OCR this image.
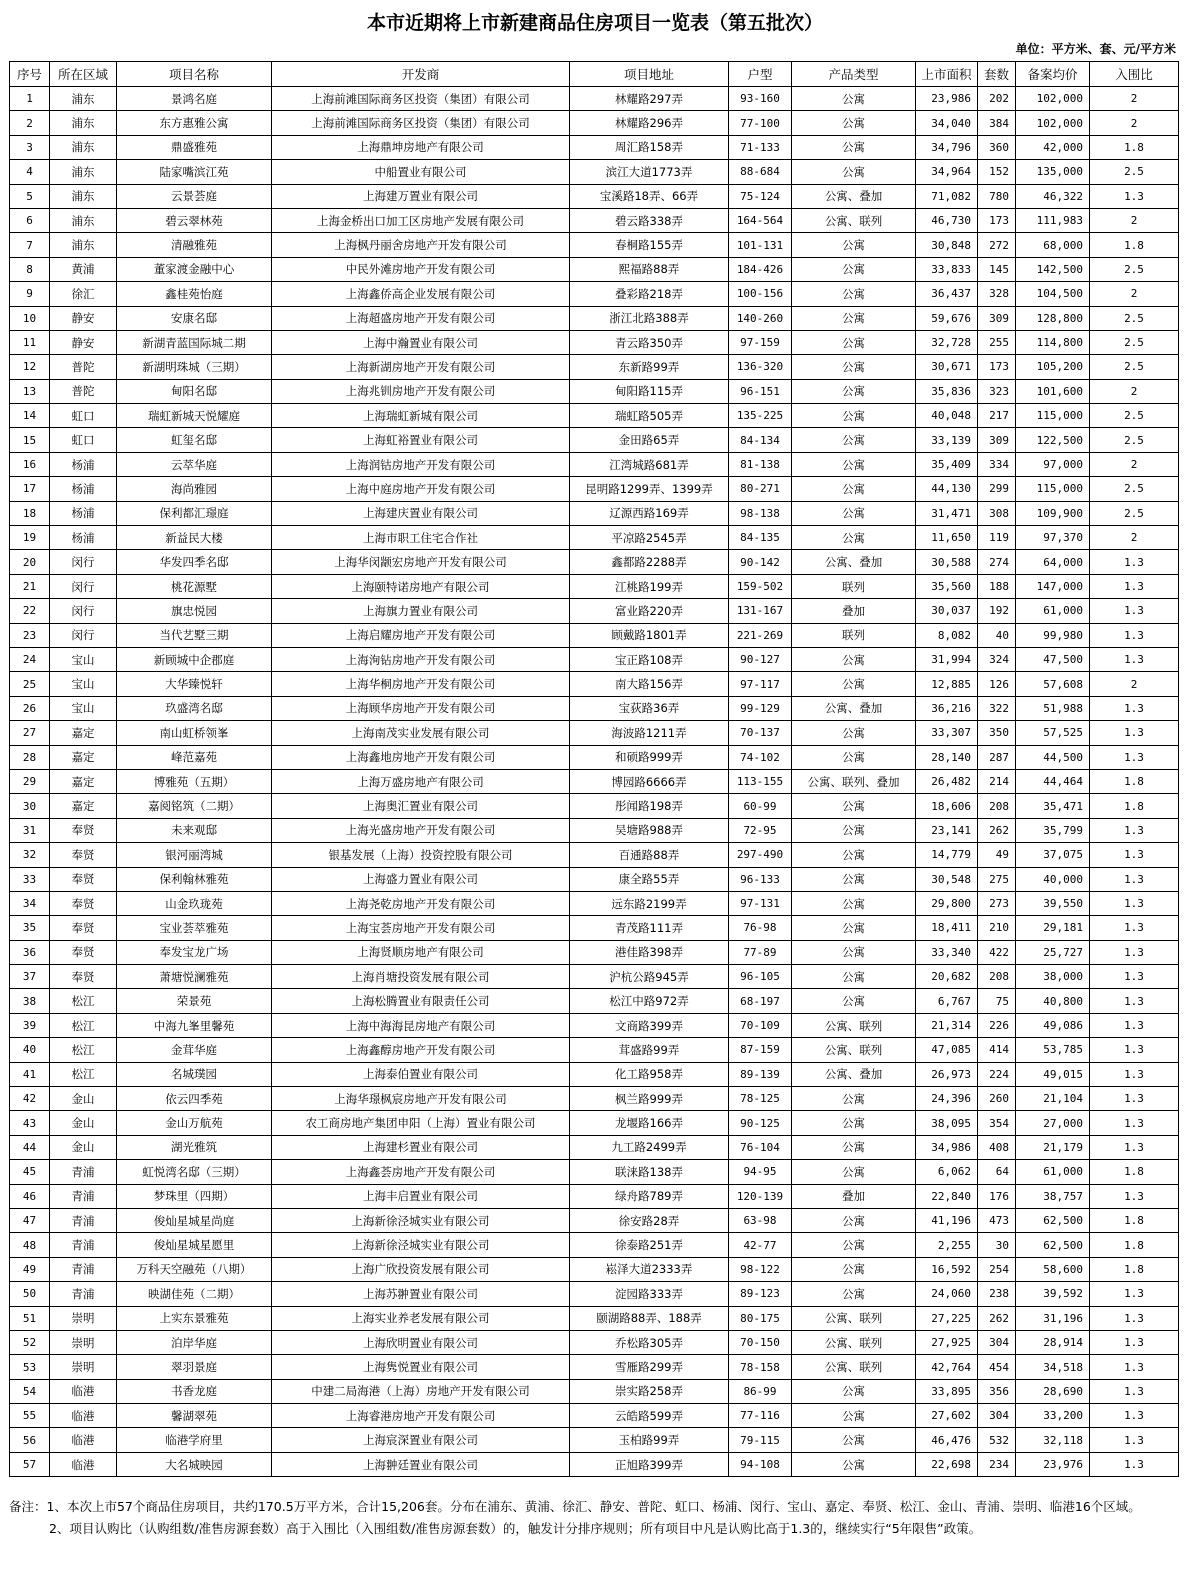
本市近期将上市新建商品住房项目一览表（第五批次）
单位：平方米、套、元/平方米
序号	所在区域	项目名称	开发商	项目地址	户型	产品类型	上市面积	套数	备案均价	入围比
1	浦东	景鸿名庭	上海前滩国际商务区投资（集团）有限公司	林耀路297弄	93-160	公寓	23,986	202	102,000	2
2	浦东	东方惠雅公寓	上海前滩国际商务区投资（集团）有限公司	林耀路296弄	77-100	公寓	34,040	384	102,000	2
3	浦东	鼎盛雅苑	上海鼎坤房地产有限公司	周汇路158弄	71-133	公寓	34,796	360	42,000	1.8
4	浦东	陆家嘴滨江苑	中船置业有限公司	滨江大道1773弄	88-684	公寓	34,964	152	135,000	2.5
5	浦东	云景荟庭	上海建万置业有限公司	宝溪路18弄、66弄	75-124	公寓、叠加	71,082	780	46,322	1.3
6	浦东	碧云翠林苑	上海金桥出口加工区房地产发展有限公司	碧云路338弄	164-564	公寓、联列	46,730	173	111,983	2
7	浦东	清融雅苑	上海枫丹丽舍房地产开发有限公司	春桐路155弄	101-131	公寓	30,848	272	68,000	1.8
8	黄浦	董家渡金融中心	中民外滩房地产开发有限公司	熙福路88弄	184-426	公寓	33,833	145	142,500	2.5
9	徐汇	鑫桂苑怡庭	上海鑫侨高企业发展有限公司	叠彩路218弄	100-156	公寓	36,437	328	104,500	2
10	静安	安康名邸	上海超盛房地产开发有限公司	浙江北路388弄	140-260	公寓	59,676	309	128,800	2.5
11	静安	新湖青蓝国际城二期	上海中瀚置业有限公司	青云路350弄	97-159	公寓	32,728	255	114,800	2.5
12	普陀	新湖明珠城（三期）	上海新湖房地产开发有限公司	东新路99弄	136-320	公寓	30,671	173	105,200	2.5
13	普陀	甸阳名邸	上海兆钏房地产开发有限公司	甸阳路115弄	96-151	公寓	35,836	323	101,600	2
14	虹口	瑞虹新城天悦耀庭	上海瑞虹新城有限公司	瑞虹路505弄	135-225	公寓	40,048	217	115,000	2.5
15	虹口	虹玺名邸	上海虹裕置业有限公司	金田路65弄	84-134	公寓	33,139	309	122,500	2.5
16	杨浦	云萃华庭	上海润钴房地产开发有限公司	江湾城路681弄	81-138	公寓	35,409	334	97,000	2
17	杨浦	海尚雅园	上海中庭房地产开发有限公司	昆明路1299弄、1399弄	80-271	公寓	44,130	299	115,000	2.5
18	杨浦	保利都汇璟庭	上海建庆置业有限公司	辽源西路169弄	98-138	公寓	31,471	308	109,900	2.5
19	杨浦	新益民大楼	上海市职工住宅合作社	平凉路2545弄	84-135	公寓	11,650	119	97,370	2
20	闵行	华发四季名邸	上海华闵颛宏房地产开发有限公司	鑫都路2288弄	90-142	公寓、叠加	30,588	274	64,000	1.3
21	闵行	桃花源墅	上海颐特诺房地产有限公司	江桃路199弄	159-502	联列	35,560	188	147,000	1.3
22	闵行	旗忠悦园	上海旗力置业有限公司	富业路220弄	131-167	叠加	30,037	192	61,000	1.3
23	闵行	当代艺墅三期	上海启耀房地产开发有限公司	顾戴路1801弄	221-269	联列	8,082	40	99,980	1.3
24	宝山	新顾城中企郡庭	上海洵钻房地产开发有限公司	宝正路108弄	90-127	公寓	31,994	324	47,500	1.3
25	宝山	大华臻悦轩	上海华桐房地产开发有限公司	南大路156弄	97-117	公寓	12,885	126	57,608	2
26	宝山	玖盛湾名邸	上海顾华房地产开发有限公司	宝荻路36弄	99-129	公寓、叠加	36,216	322	51,988	1.3
27	嘉定	南山虹桥领峯	上海南茂实业发展有限公司	海波路1211弄	70-137	公寓	33,307	350	57,525	1.3
28	嘉定	峰范嘉苑	上海鑫地房地产开发有限公司	和硕路999弄	74-102	公寓	28,140	287	44,500	1.3
29	嘉定	博雅苑（五期）	上海万盛房地产有限公司	博园路6666弄	113-155	公寓、联列、叠加	26,482	214	44,464	1.8
30	嘉定	嘉阅铭筑（二期）	上海奥汇置业有限公司	彤闻路198弄	60-99	公寓	18,606	208	35,471	1.8
31	奉贤	未来观邸	上海光盛房地产开发有限公司	吴塘路988弄	72-95	公寓	23,141	262	35,799	1.3
32	奉贤	银河丽湾城	银基发展（上海）投资控股有限公司	百通路88弄	297-490	公寓	14,779	49	37,075	1.3
33	奉贤	保利翰林雅苑	上海盛力置业有限公司	康全路55弄	96-133	公寓	30,548	275	40,000	1.3
34	奉贤	山金玖珑苑	上海尧乾房地产开发有限公司	远东路2199弄	97-131	公寓	29,800	273	39,550	1.3
35	奉贤	宝业荟萃雅苑	上海宝荟房地产开发有限公司	青茂路111弄	76-98	公寓	18,411	210	29,181	1.3
36	奉贤	奉发宝龙广场	上海贤顺房地产有限公司	港佳路398弄	77-89	公寓	33,340	422	25,727	1.3
37	奉贤	萧塘悦澜雅苑	上海肖塘投资发展有限公司	沪杭公路945弄	96-105	公寓	20,682	208	38,000	1.3
38	松江	荣景苑	上海松腾置业有限责任公司	松江中路972弄	68-197	公寓	6,767	75	40,800	1.3
39	松江	中海九峯里馨苑	上海中海海昆房地产有限公司	文商路399弄	70-109	公寓、联列	21,314	226	49,086	1.3
40	松江	金茸华庭	上海鑫醇房地产开发有限公司	茸盛路99弄	87-159	公寓、联列	47,085	414	53,785	1.3
41	松江	名城璞园	上海泰伯置业有限公司	化工路958弄	89-139	公寓、叠加	26,973	224	49,015	1.3
42	金山	依云四季苑	上海华璟枫宸房地产开发有限公司	枫兰路999弄	78-125	公寓	24,396	260	21,104	1.3
43	金山	金山万航苑	农工商房地产集团申阳（上海）置业有限公司	龙堰路166弄	90-125	公寓	38,095	354	27,000	1.3
44	金山	湖光雅筑	上海建杉置业有限公司	九工路2499弄	76-104	公寓	34,986	408	21,179	1.3
45	青浦	虹悦湾名邸（三期）	上海鑫荟房地产开发有限公司	联涞路138弄	94-95	公寓	6,062	64	61,000	1.8
46	青浦	梦珠里（四期）	上海丰启置业有限公司	绿舟路789弄	120-139	叠加	22,840	176	38,757	1.3
47	青浦	俊灿星城星尚庭	上海新徐泾城实业有限公司	徐安路28弄	63-98	公寓	41,196	473	62,500	1.8
48	青浦	俊灿星城星愿里	上海新徐泾城实业有限公司	徐泰路251弄	42-77	公寓	2,255	30	62,500	1.8
49	青浦	万科天空融苑（八期）	上海广欣投资发展有限公司	崧泽大道2333弄	98-122	公寓	16,592	254	58,600	1.8
50	青浦	映湖佳苑（二期）	上海苏翀置业有限公司	淀园路333弄	89-123	公寓	24,060	238	39,592	1.3
51	崇明	上实东景雅苑	上海实业养老发展有限公司	颐湖路88弄、188弄	80-175	公寓、联列	27,225	262	31,196	1.3
52	崇明	泊岸华庭	上海欣明置业有限公司	乔松路305弄	70-150	公寓、联列	27,925	304	28,914	1.3
53	崇明	翠羽景庭	上海隽悦置业有限公司	雪雁路299弄	78-158	公寓、联列	42,764	454	34,518	1.3
54	临港	书香龙庭	中建二局海港（上海）房地产开发有限公司	崇实路258弄	86-99	公寓	33,895	356	28,690	1.3
55	临港	馨湖翠苑	上海睿港房地产开发有限公司	云皓路599弄	77-116	公寓	27,602	304	33,200	1.3
56	临港	临港学府里	上海宸深置业有限公司	玉柏路99弄	79-115	公寓	46,476	532	32,118	1.3
57	临港	大名城映园	上海翀廷置业有限公司	正旭路399弄	94-108	公寓	22,698	234	23,976	1.3

备注：1、本次上市57个商品住房项目，共约170.5万平方米，合计15,206套。分布在浦东、黄浦、徐汇、静安、普陀、虹口、杨浦、闵行、宝山、嘉定、奉贤、松江、金山、青浦、崇明、临港16个区域。

2、项目认购比（认购组数/准售房源套数）高于入围比（入围组数/准售房源套数）的，触发计分排序规则；所有项目中凡是认购比高于1.3的，继续实行“5年限售”政策。
